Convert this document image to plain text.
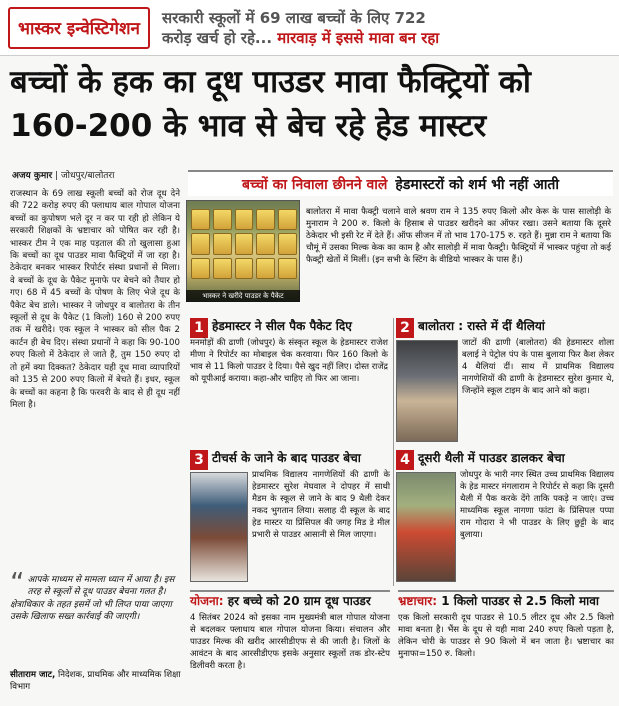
भास्कर इन्वेस्टिगेशन
सरकारी स्कूलों में 69 लाख बच्चों के लिए 722
करोड़ खर्च हो रहे... मारवाड़ में इससे मावा बन रहा
बच्चों के हक का दूध पाउडर मावा फैक्ट्रियों को 160-200 के भाव से बेच रहे हेड मास्टर
अजय कुमार | जोधपुर/बालोतरा

राजस्थान के 69 लाख स्कूली बच्चों को रोज दूध देने की 722 करोड़ रुपए की फ्लाधाय बाल गोपाल योजना बच्चों का कुपोषण भले दूर न कर पा रही हो लेकिन ये सरकारी शिक्षकों के भ्रष्टाचार को पोषित कर रही है। भास्कर टीम ने एक माह पड़ताल की तो खुलासा हुआ कि बच्चों का दूध पाउडर मावा फैक्ट्रियों में जा रहा है। ठेकेदार बनकर भास्कर रिपोर्टर संस्था प्रधानों से मिला। वे बच्चों के दूध के पैकेट मुनाफे पर बेचने को तैयार हो गए। 68 में 45 बच्चों के पोषण के लिए भेजे दूध के पैकेट बेच डाले। भास्कर ने जोधपुर व बालोतरा के तीन स्कूलों से दूध के पैकेट (1 किलो) 160 से 200 रुपए तक में खरीदे। एक स्कूल ने भास्कर को सील पैक 2 कार्टन ही बेच दिए। संस्था प्रधानों ने कहा कि 90-100 रुपए किलो में ठेकेदार ले जाते हैं, तुम 150 रुपए दो तो हमें क्या दिक्कत? ठेकेदार यही दूध मावा व्यापारियों को 135 से 200 रुपए किलो में बेचते हैं। इधर, स्कूल के बच्चों का कहना है कि फरवरी के बाद से ही दूध नहीं मिला है।

“ आपके माध्यम से मामला ध्यान में आया है। इस तरह से स्कूलों से दूध पाउडर बेचना गलत है। क्षेत्राधिकार के तहत इसमें जो भी लिप्त पाया जाएगा उसके खिलाफ सख्त कार्रवाई की जाएगी।
सीताराम जाट, निदेशक, प्राथमिक और माध्यमिक शिक्षा विभाग
बच्चों का निवाला छीनने वाले हेडमास्टरों को शर्म भी नहीं आती
भास्कर ने खरीदे पाउडर के पैकेट
बालोतरा में मावा फैक्ट्री चलाने वाले श्रवण राम ने 135 रुपए किलो और केरू के पास सालोड़ी के मुनाराम ने 200 रु. किलो के हिसाब से पाउडर खरीदने का ऑफर रखा। उसने बताया कि दूसरे ठेकेदार भी इसी रेट में देते हैं। ऑफ सीजन में तो भाव 170-175 रु. रहते हैं। मुन्ना राम ने बताया कि चौमूं में उसका मिल्क केक का काम है और सालोड़ी में मावा फैक्ट्री। फैक्ट्रियों में भास्कर पहुंचा तो कई फैक्ट्री खेतों में मिलीं। (इन सभी के स्टिंग के वीडियो भास्कर के पास हैं।)
1 हेडमास्टर ने सील पैक पैकेट दिए
मनमोड़ों की ढाणी (जोधपुर) के संस्कृत स्कूल के हेडमास्टर राजेश मीणा ने रिपोर्टर का मोबाइल चेक करवाया। फिर 160 किलो के भाव से 11 किलो पाउडर दे दिया। पैसे खुद नहीं लिए। दोस्त राजेंद्र को यूपीआई कराया। कहा-और चाहिए तो फिर आ जाना।
2 बालोतरा : रास्ते में दीं थैलियां
जाटों की ढाणी (बालोतरा) की हेडमास्टर शोला बलाई ने पेट्रोल पंप के पास बुलाया फिर कैश लेकर 4 थैलियां दीं। साथ में प्राथमिक विद्यालय नागणेशियों की ढाणी के हेडमास्टर सुरेश कुमार थे, जिन्होंने स्कूल टाइम के बाद आने को कहा।
3 टीचर्स के जाने के बाद पाउडर बेचा
प्राथमिक विद्यालय नागणेशियों की ढाणी के हेडमास्टर सुरेश मेघवाल ने दोपहर में साथी मैडम के स्कूल से जाने के बाद 9 थैली देकर नकद भुगतान लिया। सलाह दी स्कूल के बाद हेड मास्टर या प्रिंसिपल की जगह मिड डे मील प्रभारी से पाउडर आसानी से मिल जाएगा।
4 दूसरी थैली में पाउडर डालकर बेचा
जोधपुर के भारी नगर स्थित उच्च प्राथमिक विद्यालय के हेड मास्टर मंगलाराम ने रिपोर्टर से कहा कि दूसरी थैली में पैक करके देंगे ताकि पकड़े न जाएं। उच्च माध्यमिक स्कूल नागणा फांटा के प्रिंसिपल पप्पा राम गोदारा ने भी पाउडर के लिए छुट्टी के बाद बुलाया।
योजना: हर बच्चे को 20 ग्राम दूध पाउडर
4 सितंबर 2024 को इसका नाम मुख्यमंत्री बाल गोपाल योजना से बदलकर फ्लाधाय बाल गोपाल योजना किया। संचालन और पाउडर मिल्क की खरीद आरसीडीएफ से की जाती है। जिलों के आवंटन के बाद आरसीडीएफ इसके अनुसार स्कूलों तक डोर-स्टेप डिलीवरी करता है।
भ्रष्टाचार: 1 किलो पाउडर से 2.5 किलो मावा
एक किलो सरकारी दूध पाउडर से 10.5 लीटर दूध और 2.5 किलो मावा बनता है। भैंस के दूध से यही मावा 240 रुपए किलो पड़ता है, लेकिन चोरी के पाउडर से 90 किलो में बन जाता है। भ्रष्टाचार का मुनाफा=150 रु. किलो।
